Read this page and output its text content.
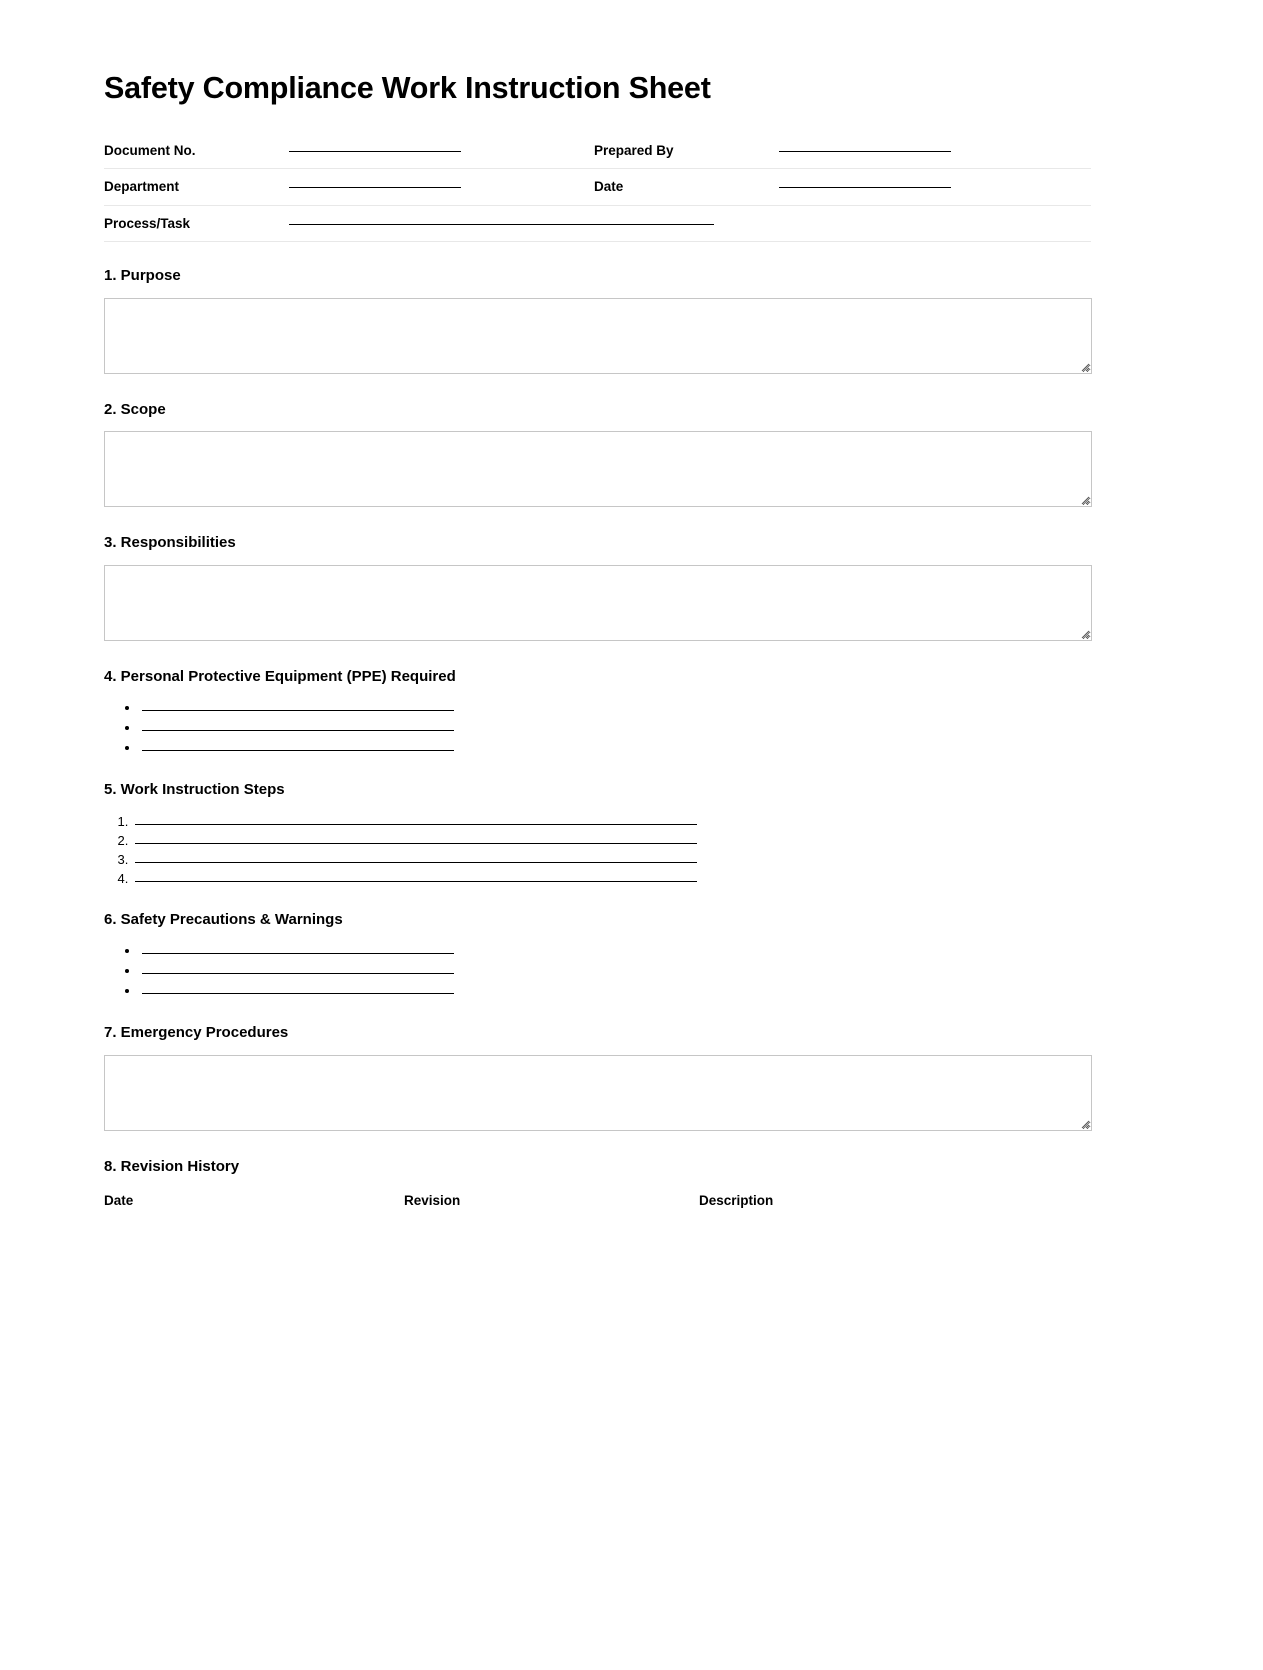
Safety Compliance Work Instruction Sheet
Document No.		Prepared By	
Department		Date	
Process/Task			
1. Purpose
2. Scope
3. Responsibilities
4. Personal Protective Equipment (PPE) Required
•
•
•
5. Work Instruction Steps
1.
2.
3.
4.
6. Safety Precautions & Warnings
•
•
•
7. Emergency Procedures
8. Revision History
Date	Revision	Description
